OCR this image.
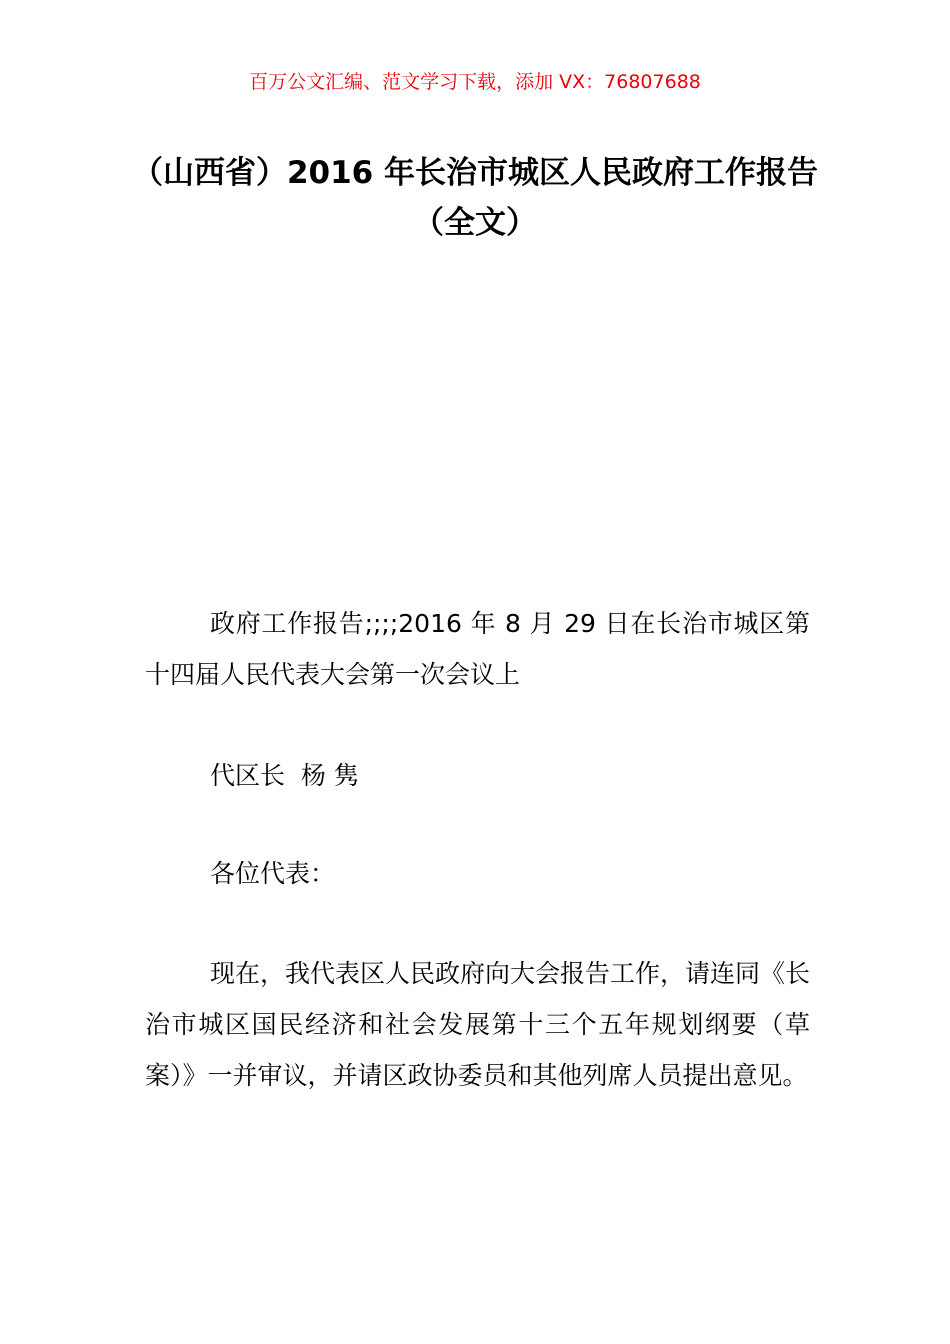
百万公文汇编、范文学习下载，添加 VX：76807688
（山西省）2016 年长治市城区人民政府工作报告（全文）

政府工作报告;;;;2016 年 8 月 29 日在长治市城区第十四届人民代表大会第一次会议上

代区长  杨 隽

各位代表：

现在，我代表区人民政府向大会报告工作，请连同《长治市城区国民经济和社会发展第十三个五年规划纲要（草案）》一并审议，并请区政协委员和其他列席人员提出意见。
